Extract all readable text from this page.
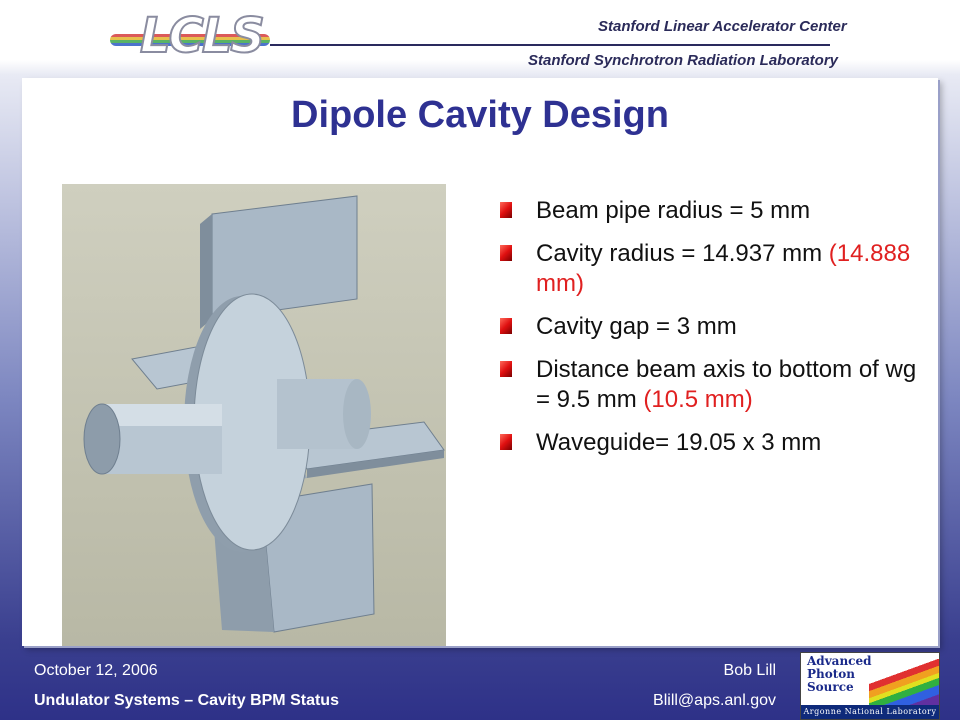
LCLS	Stanford Linear Accelerator Center
Stanford Synchrotron Radiation Laboratory
Dipole Cavity Design
Beam pipe radius = 5 mm
Cavity radius = 14.937 mm (14.888 mm)
Cavity gap = 3 mm
Distance beam axis to bottom of wg = 9.5 mm (10.5 mm)
Waveguide= 19.05 x 3 mm
October 12, 2006
Undulator Systems – Cavity BPM Status
Bob Lill
Blill@aps.anl.gov
Advanced
Photon
Source
Argonne National Laboratory
